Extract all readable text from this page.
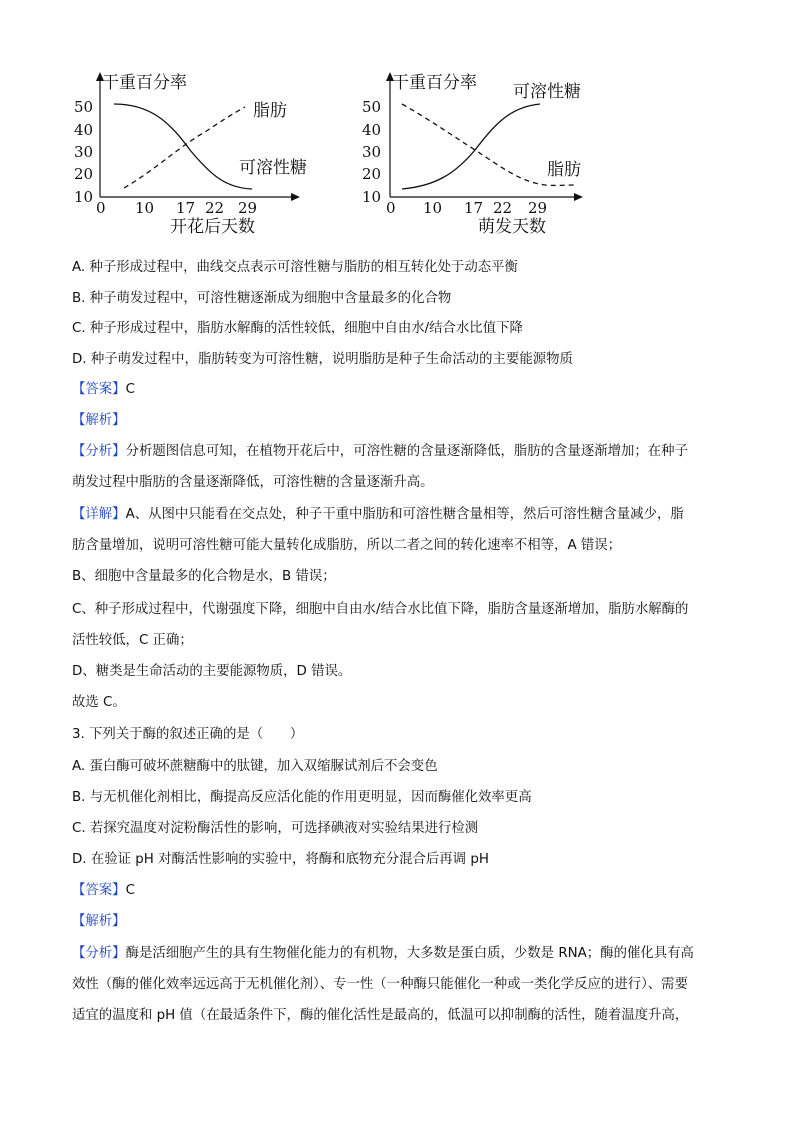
干重百分率
50
40
30
20
10
0 10 17 22 29
脂肪
可溶性糖
开花后天数
干重百分率
50
40
30
20
10
0 10 17 22 29
可溶性糖
脂肪
萌发天数

A. 种子形成过程中，曲线交点表示可溶性糖与脂肪的相互转化处于动态平衡

B. 种子萌发过程中，可溶性糖逐渐成为细胞中含量最多的化合物

C. 种子形成过程中，脂肪水解酶的活性较低，细胞中自由水/结合水比值下降

D. 种子萌发过程中，脂肪转变为可溶性糖，说明脂肪是种子生命活动的主要能源物质

【答案】C

【解析】

【分析】分析题图信息可知，在植物开花后中，可溶性糖的含量逐渐降低，脂肪的含量逐渐增加；在种子

萌发过程中脂肪的含量逐渐降低，可溶性糖的含量逐渐升高。

【详解】A、从图中只能看在交点处，种子干重中脂肪和可溶性糖含量相等，然后可溶性糖含量减少，脂

肪含量增加，说明可溶性糖可能大量转化成脂肪，所以二者之间的转化速率不相等，A 错误；

B、细胞中含量最多的化合物是水，B 错误；

C、种子形成过程中，代谢强度下降，细胞中自由水/结合水比值下降，脂肪含量逐渐增加，脂肪水解酶的

活性较低，C 正确；

D、糖类是生命活动的主要能源物质，D 错误。

故选 C。

3. 下列关于酶的叙述正确的是（　　）

A. 蛋白酶可破坏蔗糖酶中的肽键，加入双缩脲试剂后不会变色

B. 与无机催化剂相比，酶提高反应活化能的作用更明显，因而酶催化效率更高

C. 若探究温度对淀粉酶活性的影响，可选择碘液对实验结果进行检测

D. 在验证 pH 对酶活性影响的实验中，将酶和底物充分混合后再调 pH

【答案】C

【解析】

【分析】酶是活细胞产生的具有生物催化能力的有机物，大多数是蛋白质，少数是 RNA；酶的催化具有高

效性（酶的催化效率远远高于无机催化剂）、专一性（一种酶只能催化一种或一类化学反应的进行）、需要

适宜的温度和 pH 值（在最适条件下，酶的催化活性是最高的，低温可以抑制酶的活性，随着温度升高，
